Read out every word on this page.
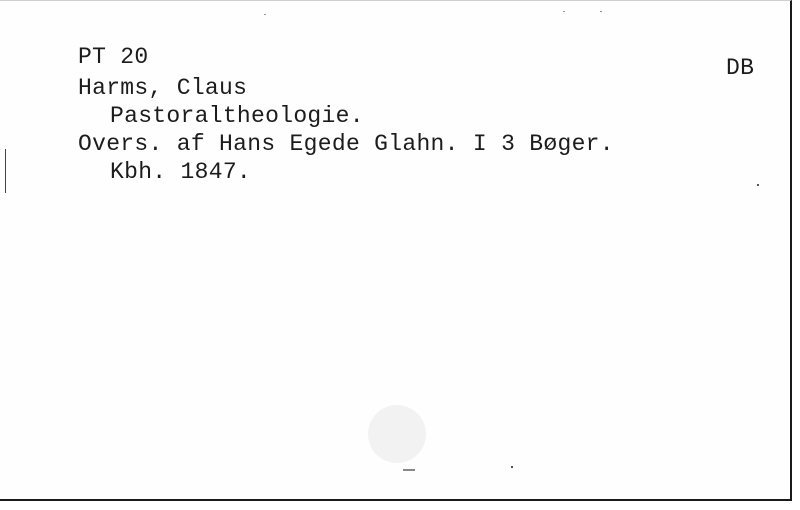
PT 20
Harms, Claus
Pastoraltheologie.
Overs. af Hans Egede Glahn. I 3 Bøger.
Kbh. 1847.
DB
